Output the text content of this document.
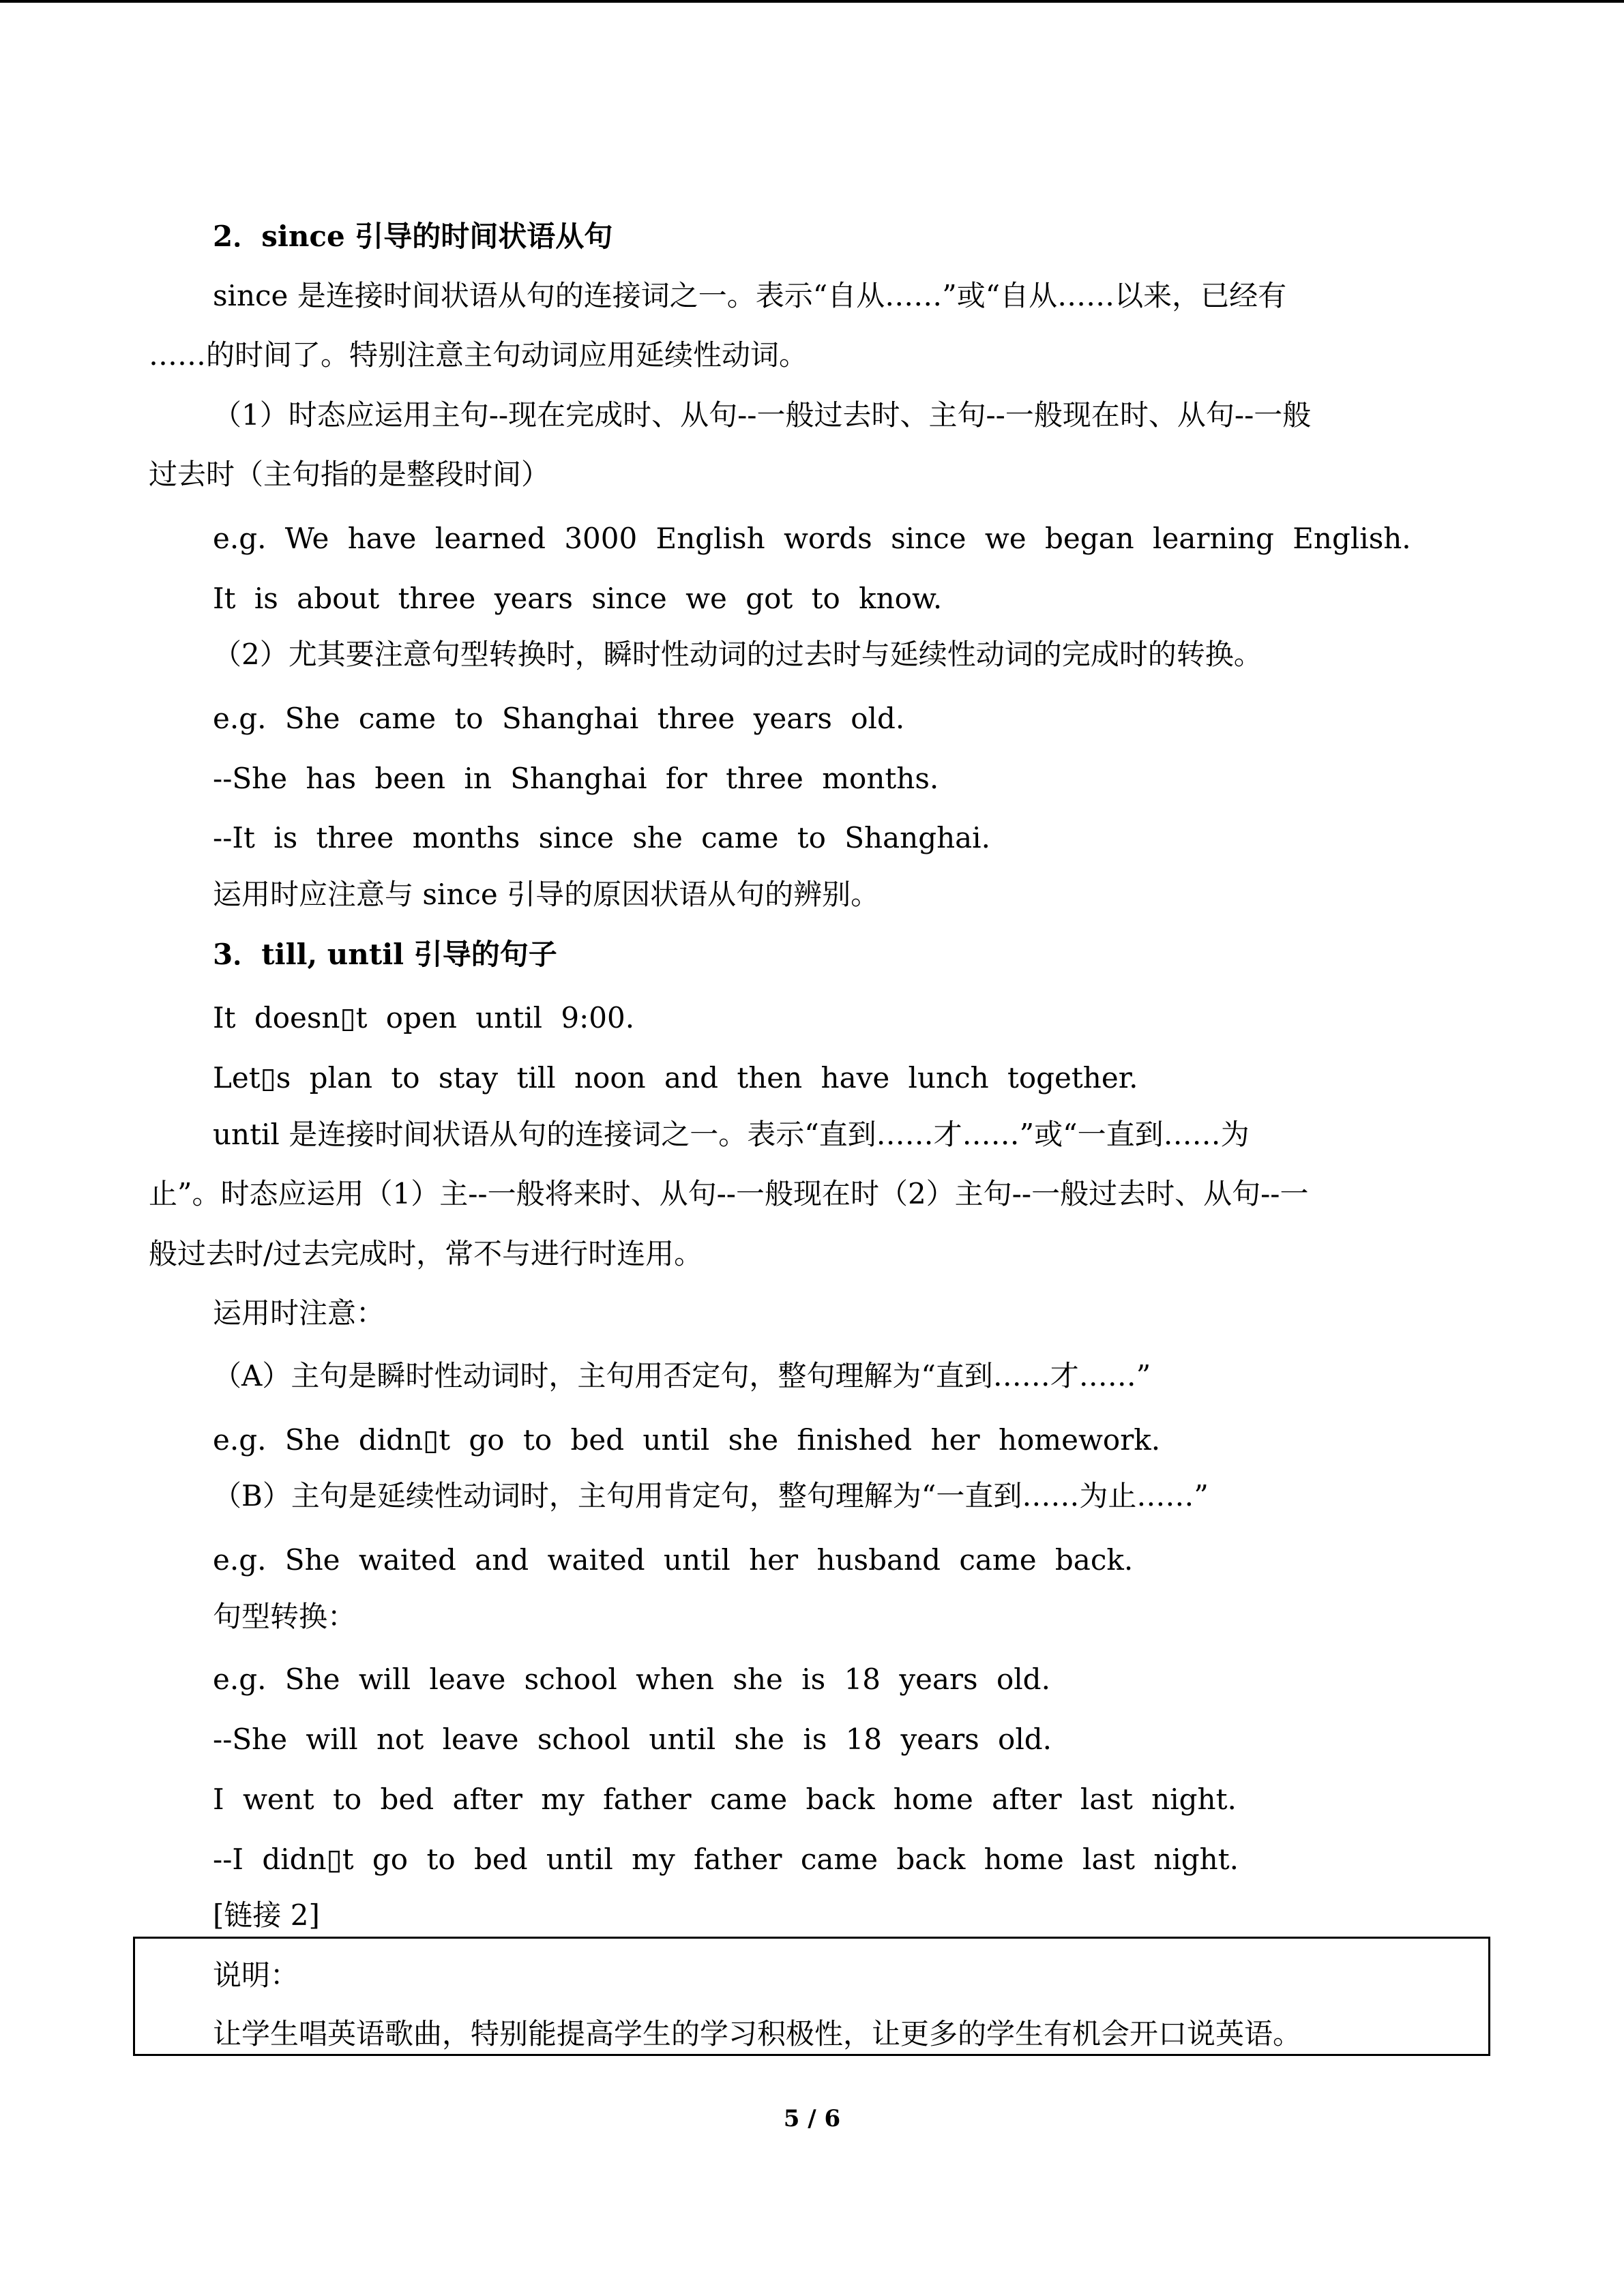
2．since 引导的时间状语从句
since 是连接时间状语从句的连接词之一。表示“自从……”或“自从……以来，已经有
……的时间了。特别注意主句动词应用延续性动词。
（1）时态应运用主句--现在完成时、从句--一般过去时、主句--一般现在时、从句--一般
过去时（主句指的是整段时间）
e.g. We have learned 3000 English words since we began learning English.
It is about three years since we got to know.
（2）尤其要注意句型转换时，瞬时性动词的过去时与延续性动词的完成时的转换。
e.g. She came to Shanghai three years old.
--She has been in Shanghai for three months.
--It is three months since she came to Shanghai.
运用时应注意与 since 引导的原因状语从句的辨别。
3．till, until 引导的句子
It doesn▯t open until 9:00.
Let▯s plan to stay till noon and then have lunch together.
until 是连接时间状语从句的连接词之一。表示“直到……才……”或“一直到……为
止”。时态应运用（1）主--一般将来时、从句--一般现在时（2）主句--一般过去时、从句--一
般过去时/过去完成时，常不与进行时连用。
运用时注意：
（A）主句是瞬时性动词时，主句用否定句，整句理解为“直到……才……”
e.g. She didn▯t go to bed until she finished her homework.
（B）主句是延续性动词时，主句用肯定句，整句理解为“一直到……为止……”
e.g. She waited and waited until her husband came back.
句型转换：
e.g. She will leave school when she is 18 years old.
--She will not leave school until she is 18 years old.
I went to bed after my father came back home after last night.
--I didn▯t go to bed until my father came back home last night.
[链接 2]
说明：
让学生唱英语歌曲，特别能提高学生的学习积极性，让更多的学生有机会开口说英语。
5 / 6
